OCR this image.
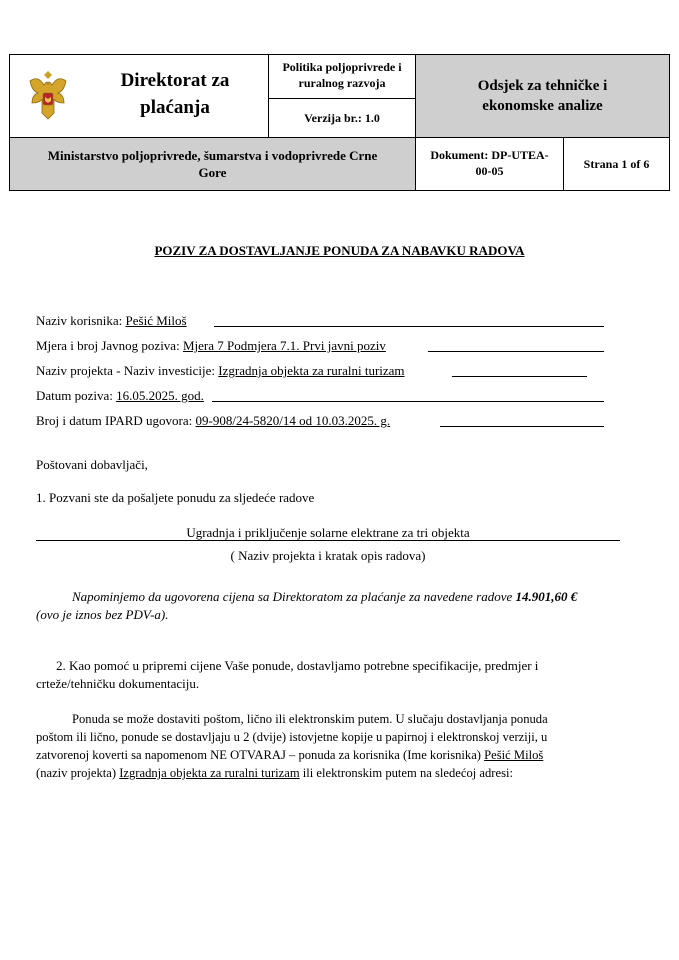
Direktorat za
plaćanja
Politika poljoprivrede i
ruralnog razvoja
Verzija br.: 1.0
Odsjek za tehničke i
ekonomske analize
Ministarstvo poljoprivrede, šumarstva i vodoprivrede Crne
Gore
Dokument: DP-UTEA-
00-05	Strana 1 of 6
POZIV ZA DOSTAVLJANJE PONUDA ZA NABAVKU RADOVA
Naziv korisnika: Pešić Miloš
Mjera i broj Javnog poziva: Mjera 7 Podmjera 7.1. Prvi javni poziv
Naziv projekta - Naziv investicije: Izgradnja objekta za ruralni turizam
Datum poziva: 16.05.2025. god.
Broj i datum IPARD ugovora: 09-908/24-5820/14 od 10.03.2025. g.
Poštovani dobavljači,
1. Pozvani ste da pošaljete ponudu za sljedeće radove
Ugradnja i priključenje solarne elektrane za tri objekta
( Naziv projekta i kratak opis radova)
Napominjemo da ugovorena cijena sa Direktoratom za plaćanje za navedene radove 14.901,60 €
(ovo je iznos bez PDV-a).
2. Kao pomoć u pripremi cijene Vaše ponude, dostavljamo potrebne specifikacije, predmjer i
crteže/tehničku dokumentaciju.
Ponuda se može dostaviti poštom, lično ili elektronskim putem. U slučaju dostavljanja ponuda
poštom ili lično, ponude se dostavljaju u 2 (dvije) istovjetne kopije u papirnoj i elektronskoj verziji, u
zatvorenoj koverti sa napomenom NE OTVARAJ – ponuda za korisnika (Ime korisnika) Pešić Miloš
(naziv projekta) Izgradnja objekta za ruralni turizam ili elektronskim putem na sledećoj adresi:
